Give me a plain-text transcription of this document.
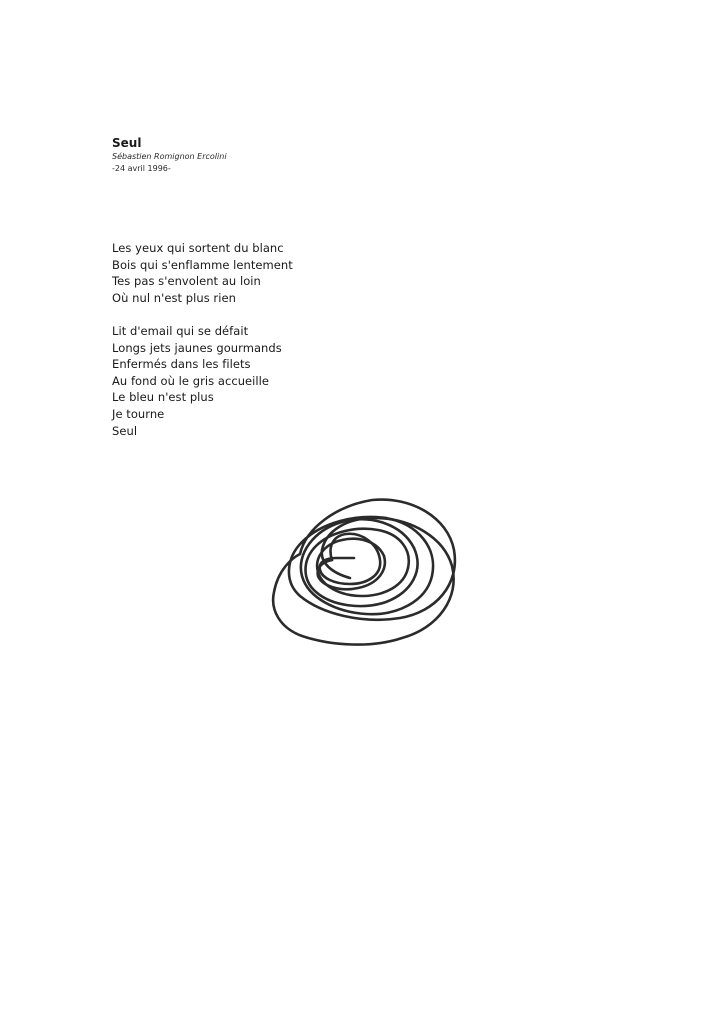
Seul

Sébastien Romignon Ercolini

-24 avril 1996-

Les yeux qui sortent du blanc
Bois qui s'enflamme lentement
Tes pas s'envolent au loin
Où nul n'est plus rien
Lit d'email qui se défait
Longs jets jaunes gourmands
Enfermés dans les filets
Au fond où le gris accueille
Le bleu n'est plus
Je tourne
Seul
